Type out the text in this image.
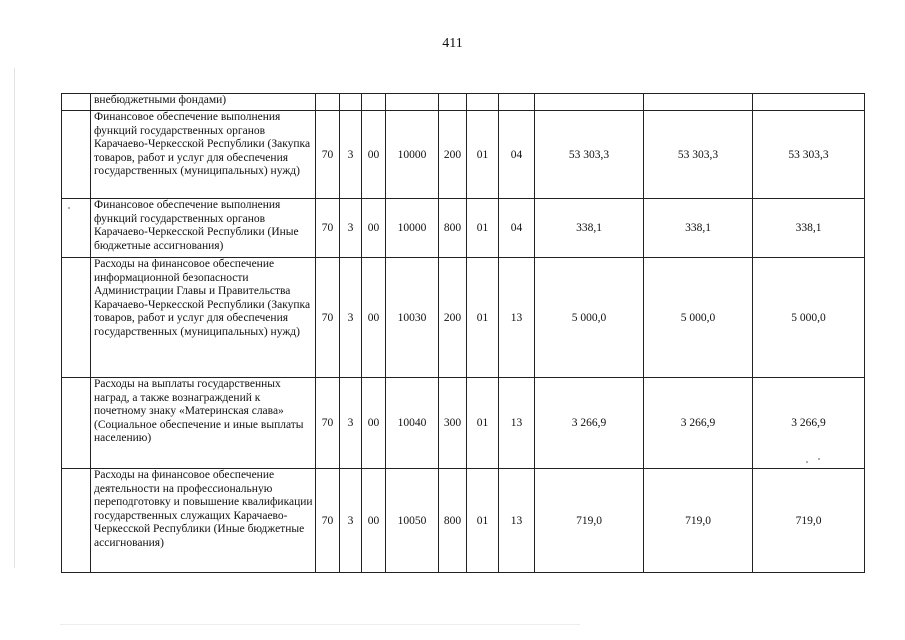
411
	внебюджетными фондами)										
	Финансовое обеспечение выполнения функций государственных органов Карачаево-Черкесской Республики (Закупка товаров, работ и услуг для обеспечения государственных (муниципальных) нужд)	70	3	00	10000	200	01	04	53 303,3	53 303,3	53 303,3
	Финансовое обеспечение выполнения функций государственных органов Карачаево-Черкесской Республики (Иные бюджетные ассигнования)	70	3	00	10000	800	01	04	338,1	338,1	338,1
	Расходы на финансовое обеспечение информационной безопасности Администрации Главы и Правительства Карачаево-Черкесской Республики (Закупка товаров, работ и услуг для обеспечения государственных (муниципальных) нужд)	70	3	00	10030	200	01	13	5 000,0	5 000,0	5 000,0
	Расходы на выплаты государственных наград, а также вознаграждений к почетному знаку «Материнская слава» (Социальное обеспечение и иные выплаты населению)	70	3	00	10040	300	01	13	3 266,9	3 266,9	3 266,9
	Расходы на финансовое обеспечение деятельности на профессиональную переподготовку и повышение квалификации государственных служащих Карачаево-Черкесской Республики (Иные бюджетные ассигнования)	70	3	00	10050	800	01	13	719,0	719,0	719,0
